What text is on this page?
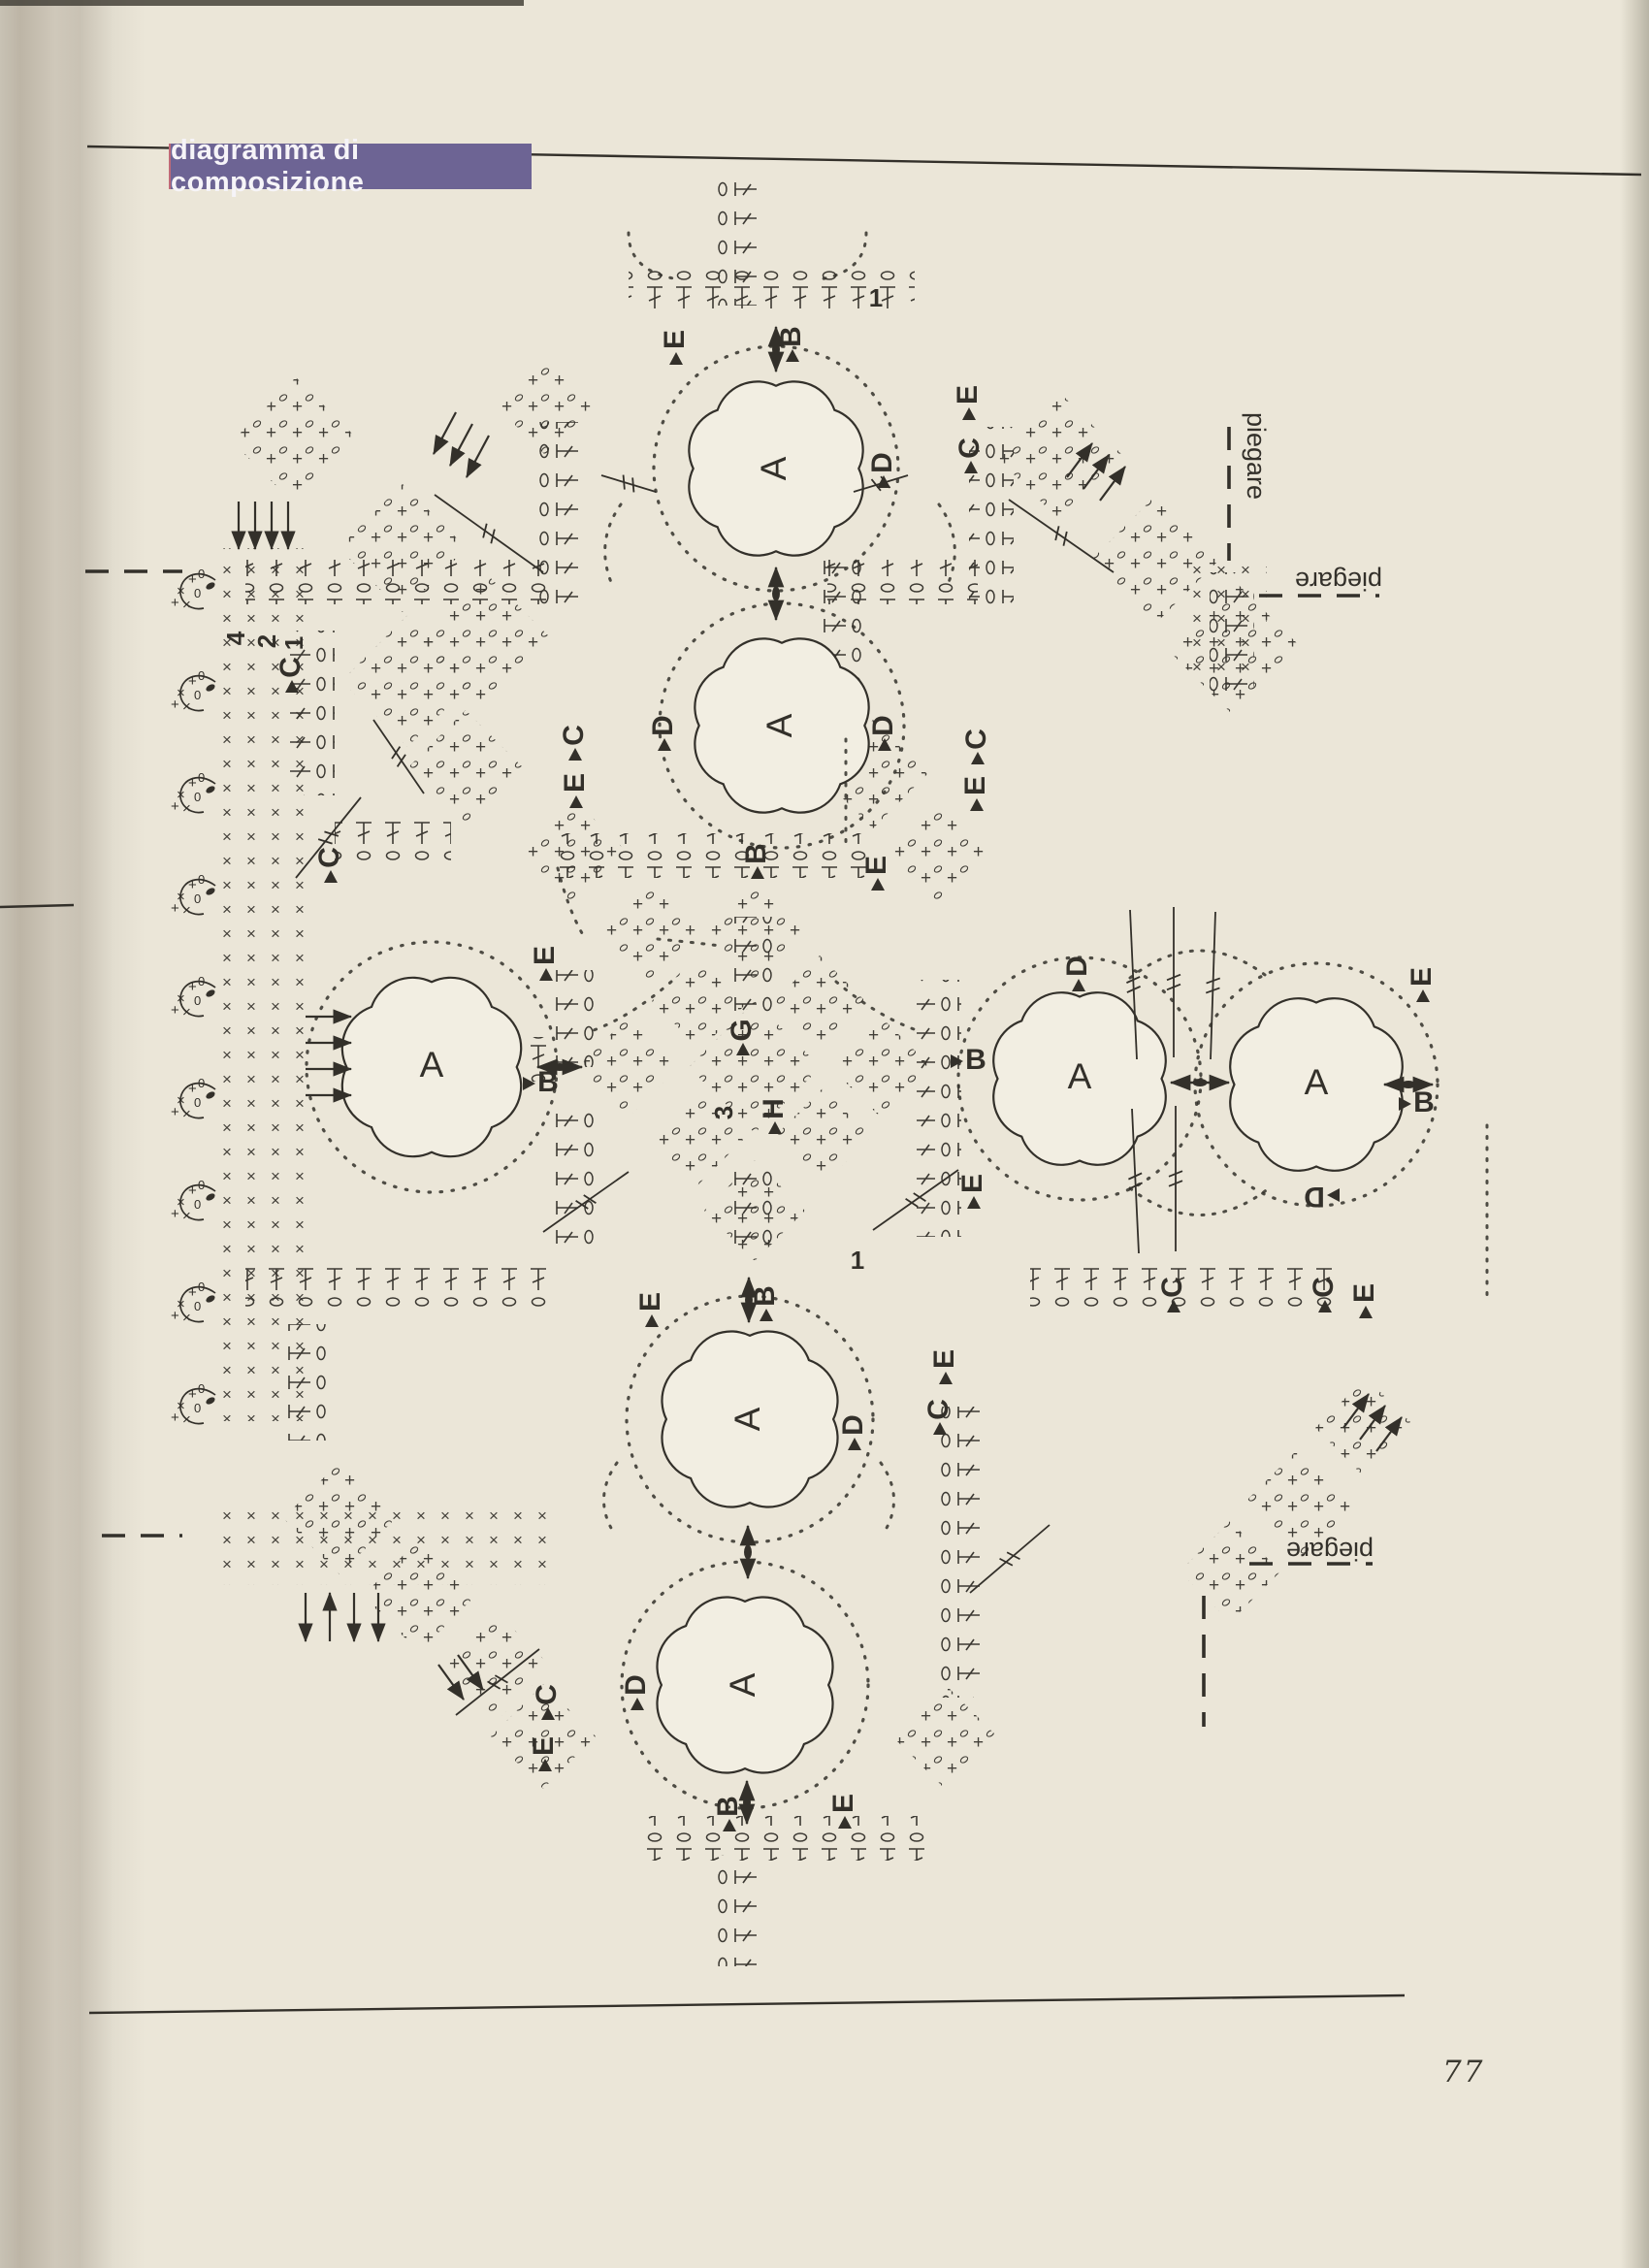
diagramma di composizione
77
A
A
A	A	A
A
A
+
×
0
0
×
+
+
×
0
0
×
+
+
×
0
0
×
+
+
×
0
0
×
+
+
×
0
0
×
+
+
×
0
0
×
+
+
×
0
0
×
+
+
×
0
0
×
+
+
×
0
0
×
+
E	B
1
D
C
E
C
E
D	D
C
E
E
B
E
G
H
3
B
E
D
E
B
D
C	C E
C
C
4 2
1
B
E	B
1
D
E
C
C
E
D
B	E
piegare
piegare
piegare
